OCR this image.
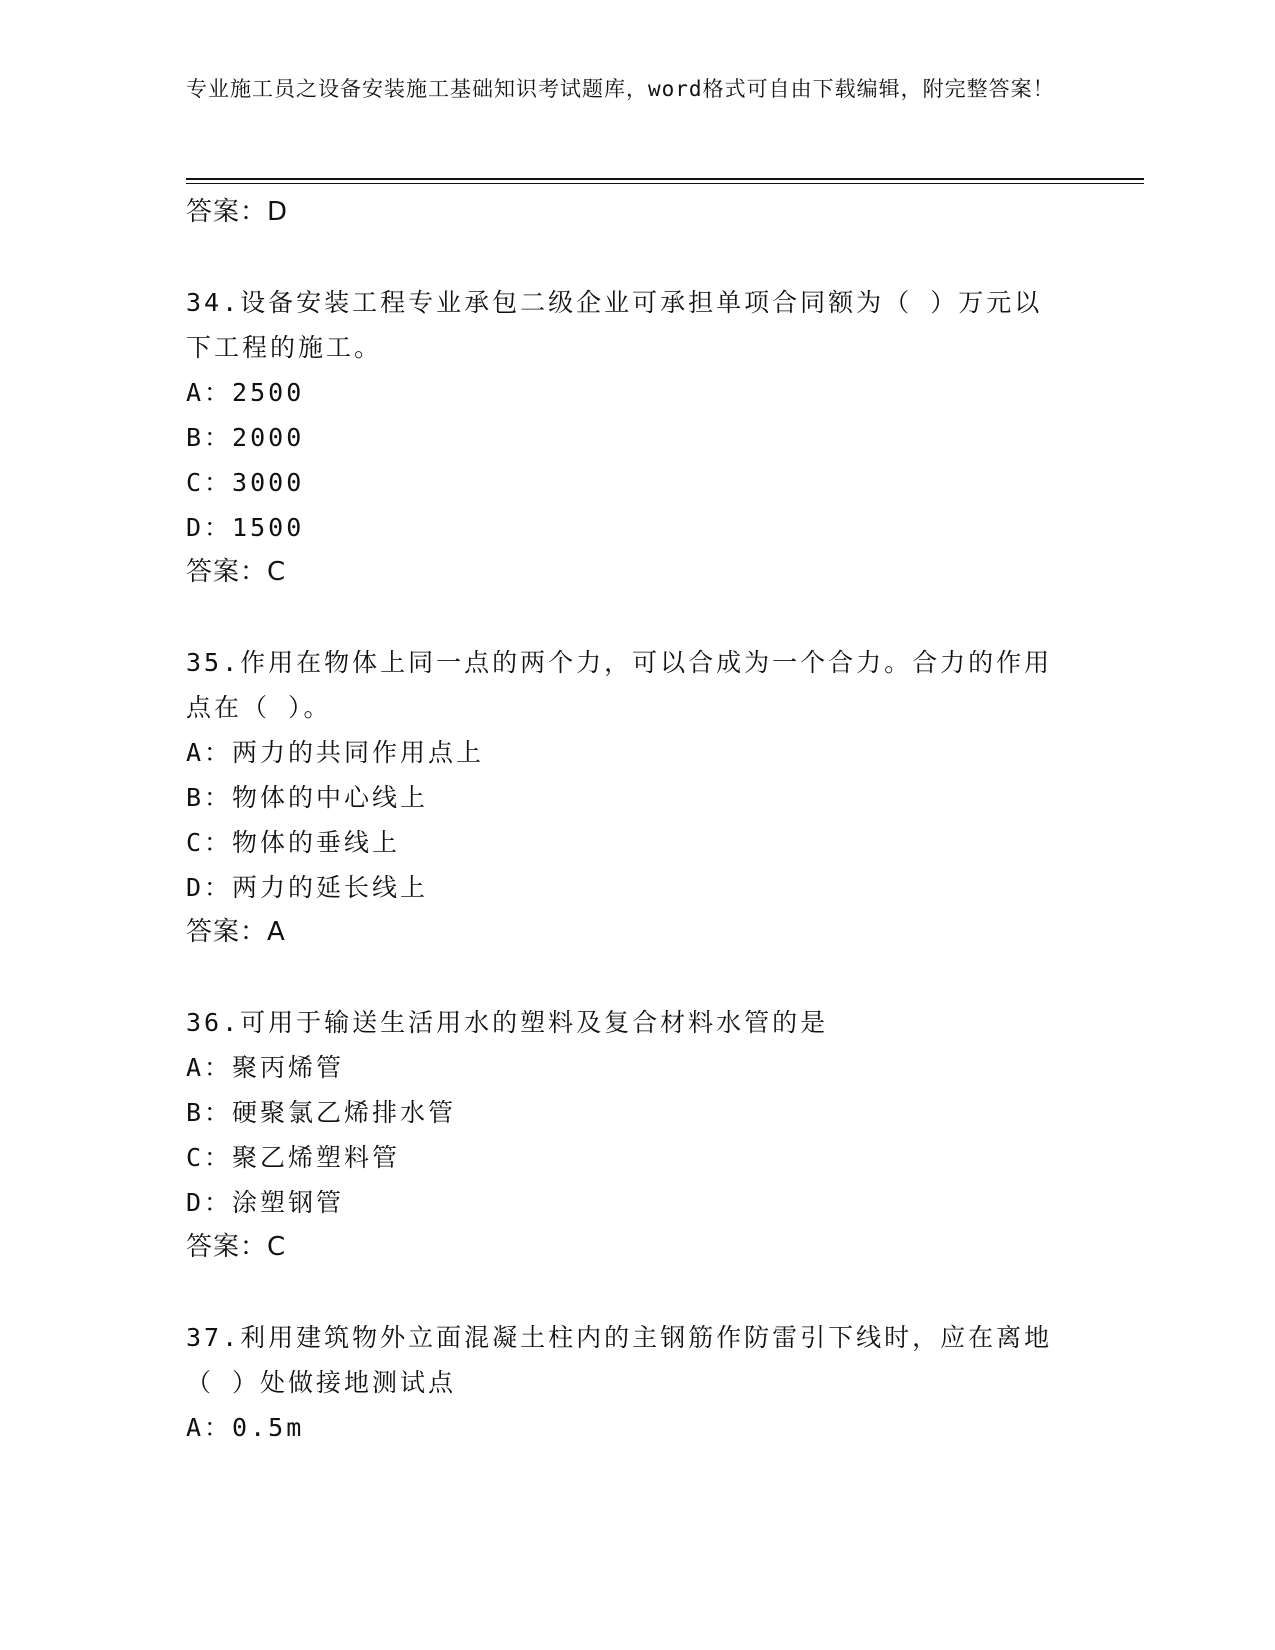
专业施工员之设备安装施工基础知识考试题库，word格式可自由下载编辑，附完整答案！
答案：D
34.设备安装工程专业承包二级企业可承担单项合同额为（ ）万元以下工程的施工。
A：2500
B：2000
C：3000
D：1500
答案：C
35.作用在物体上同一点的两个力，可以合成为一个合力。合力的作用点在（ ）。
A：两力的共同作用点上
B：物体的中心线上
C：物体的垂线上
D：两力的延长线上
答案：A
36.可用于输送生活用水的塑料及复合材料水管的是
A：聚丙烯管
B：硬聚氯乙烯排水管
C：聚乙烯塑料管
D：涂塑钢管
答案：C
37.利用建筑物外立面混凝土柱内的主钢筋作防雷引下线时，应在离地（ ）处做接地测试点
A：0.5m
